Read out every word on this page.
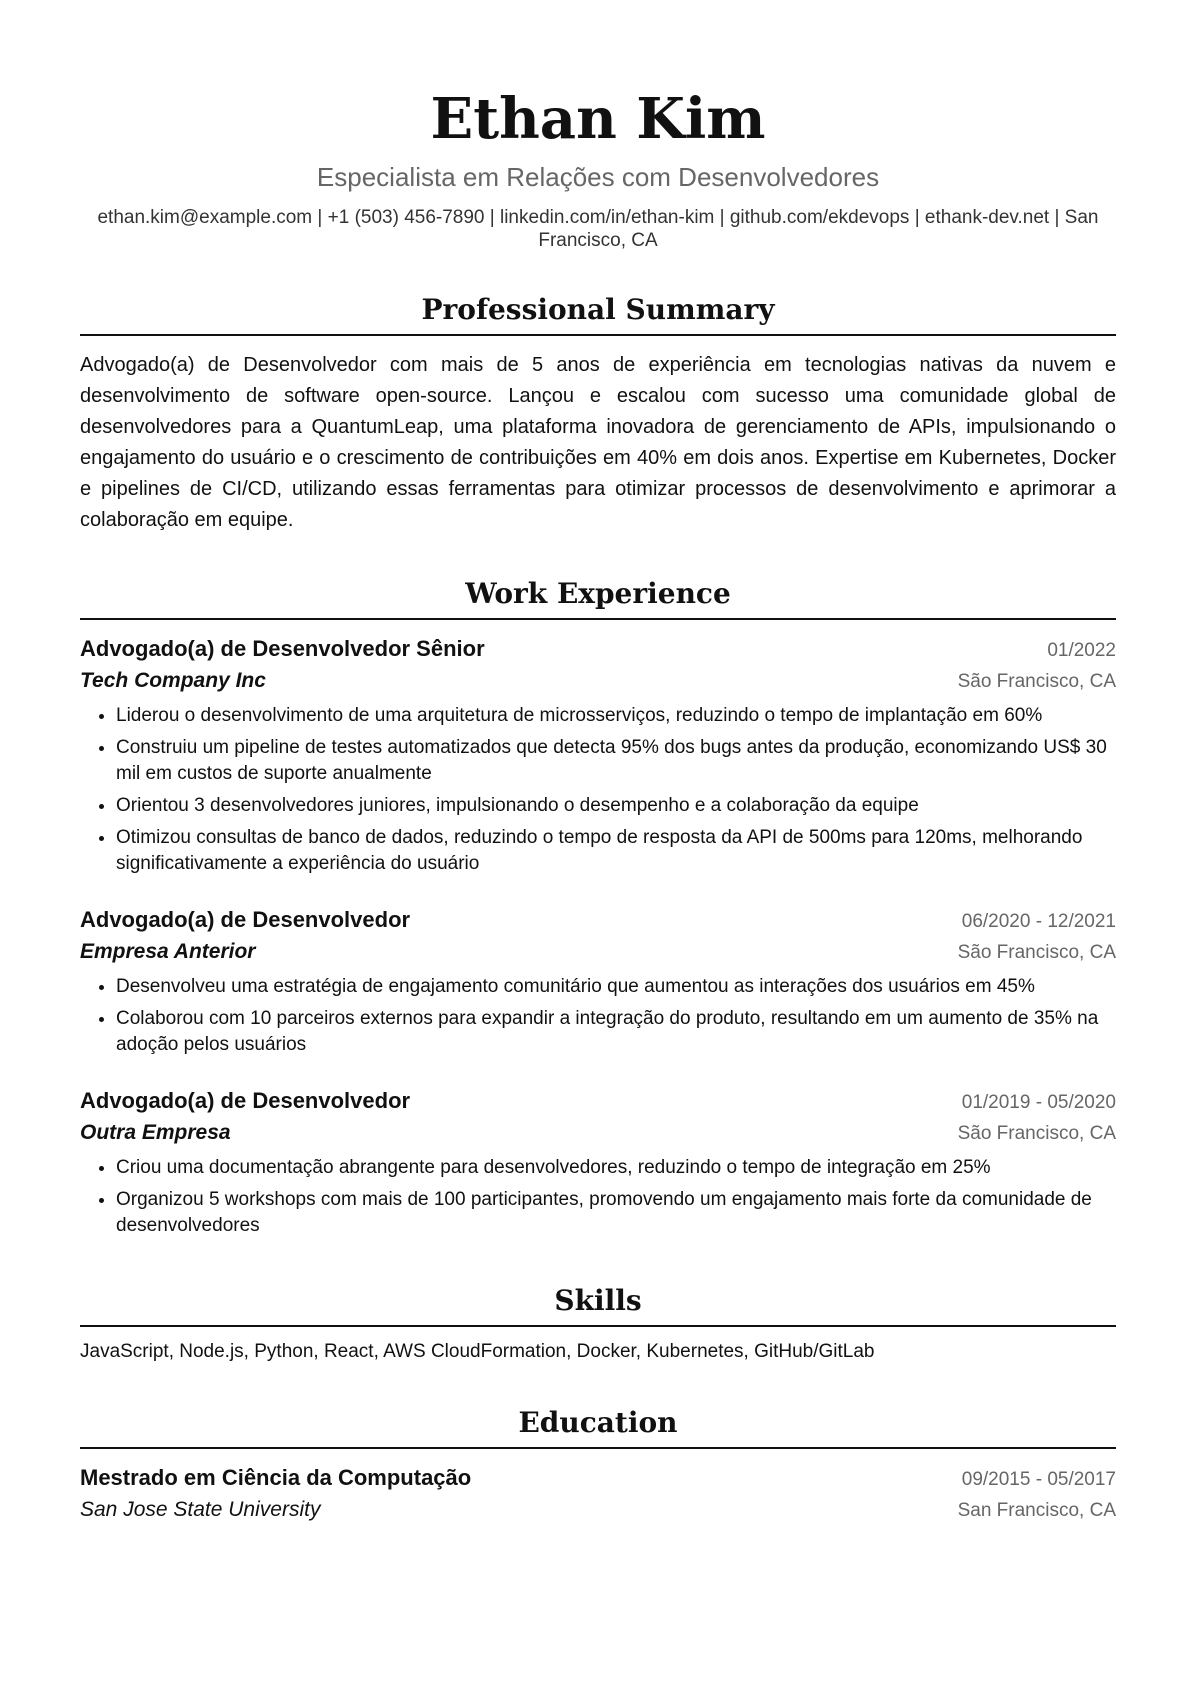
Ethan Kim
Especialista em Relações com Desenvolvedores
ethan.kim@example.com | +1 (503) 456-7890 | linkedin.com/in/ethan-kim | github.com/ekdevops | ethank-dev.net | San Francisco, CA
Professional Summary
Advogado(a) de Desenvolvedor com mais de 5 anos de experiência em tecnologias nativas da nuvem e desenvolvimento de software open-source. Lançou e escalou com sucesso uma comunidade global de desenvolvedores para a QuantumLeap, uma plataforma inovadora de gerenciamento de APIs, impulsionando o engajamento do usuário e o crescimento de contribuições em 40% em dois anos. Expertise em Kubernetes, Docker e pipelines de CI/CD, utilizando essas ferramentas para otimizar processos de desenvolvimento e aprimorar a colaboração em equipe.
Work Experience
Advogado(a) de Desenvolvedor Sênior	01/2022
Tech Company Inc	São Francisco, CA
• Liderou o desenvolvimento de uma arquitetura de microsserviços, reduzindo o tempo de implantação em 60%
• Construiu um pipeline de testes automatizados que detecta 95% dos bugs antes da produção, economizando US$ 30 mil em custos de suporte anualmente
• Orientou 3 desenvolvedores juniores, impulsionando o desempenho e a colaboração da equipe
• Otimizou consultas de banco de dados, reduzindo o tempo de resposta da API de 500ms para 120ms, melhorando significativamente a experiência do usuário
Advogado(a) de Desenvolvedor	06/2020 - 12/2021
Empresa Anterior	São Francisco, CA
• Desenvolveu uma estratégia de engajamento comunitário que aumentou as interações dos usuários em 45%
• Colaborou com 10 parceiros externos para expandir a integração do produto, resultando em um aumento de 35% na adoção pelos usuários
Advogado(a) de Desenvolvedor	01/2019 - 05/2020
Outra Empresa	São Francisco, CA
• Criou uma documentação abrangente para desenvolvedores, reduzindo o tempo de integração em 25%
• Organizou 5 workshops com mais de 100 participantes, promovendo um engajamento mais forte da comunidade de desenvolvedores
Skills
JavaScript, Node.js, Python, React, AWS CloudFormation, Docker, Kubernetes, GitHub/GitLab
Education
Mestrado em Ciência da Computação	09/2015 - 05/2017
San Jose State University	San Francisco, CA
